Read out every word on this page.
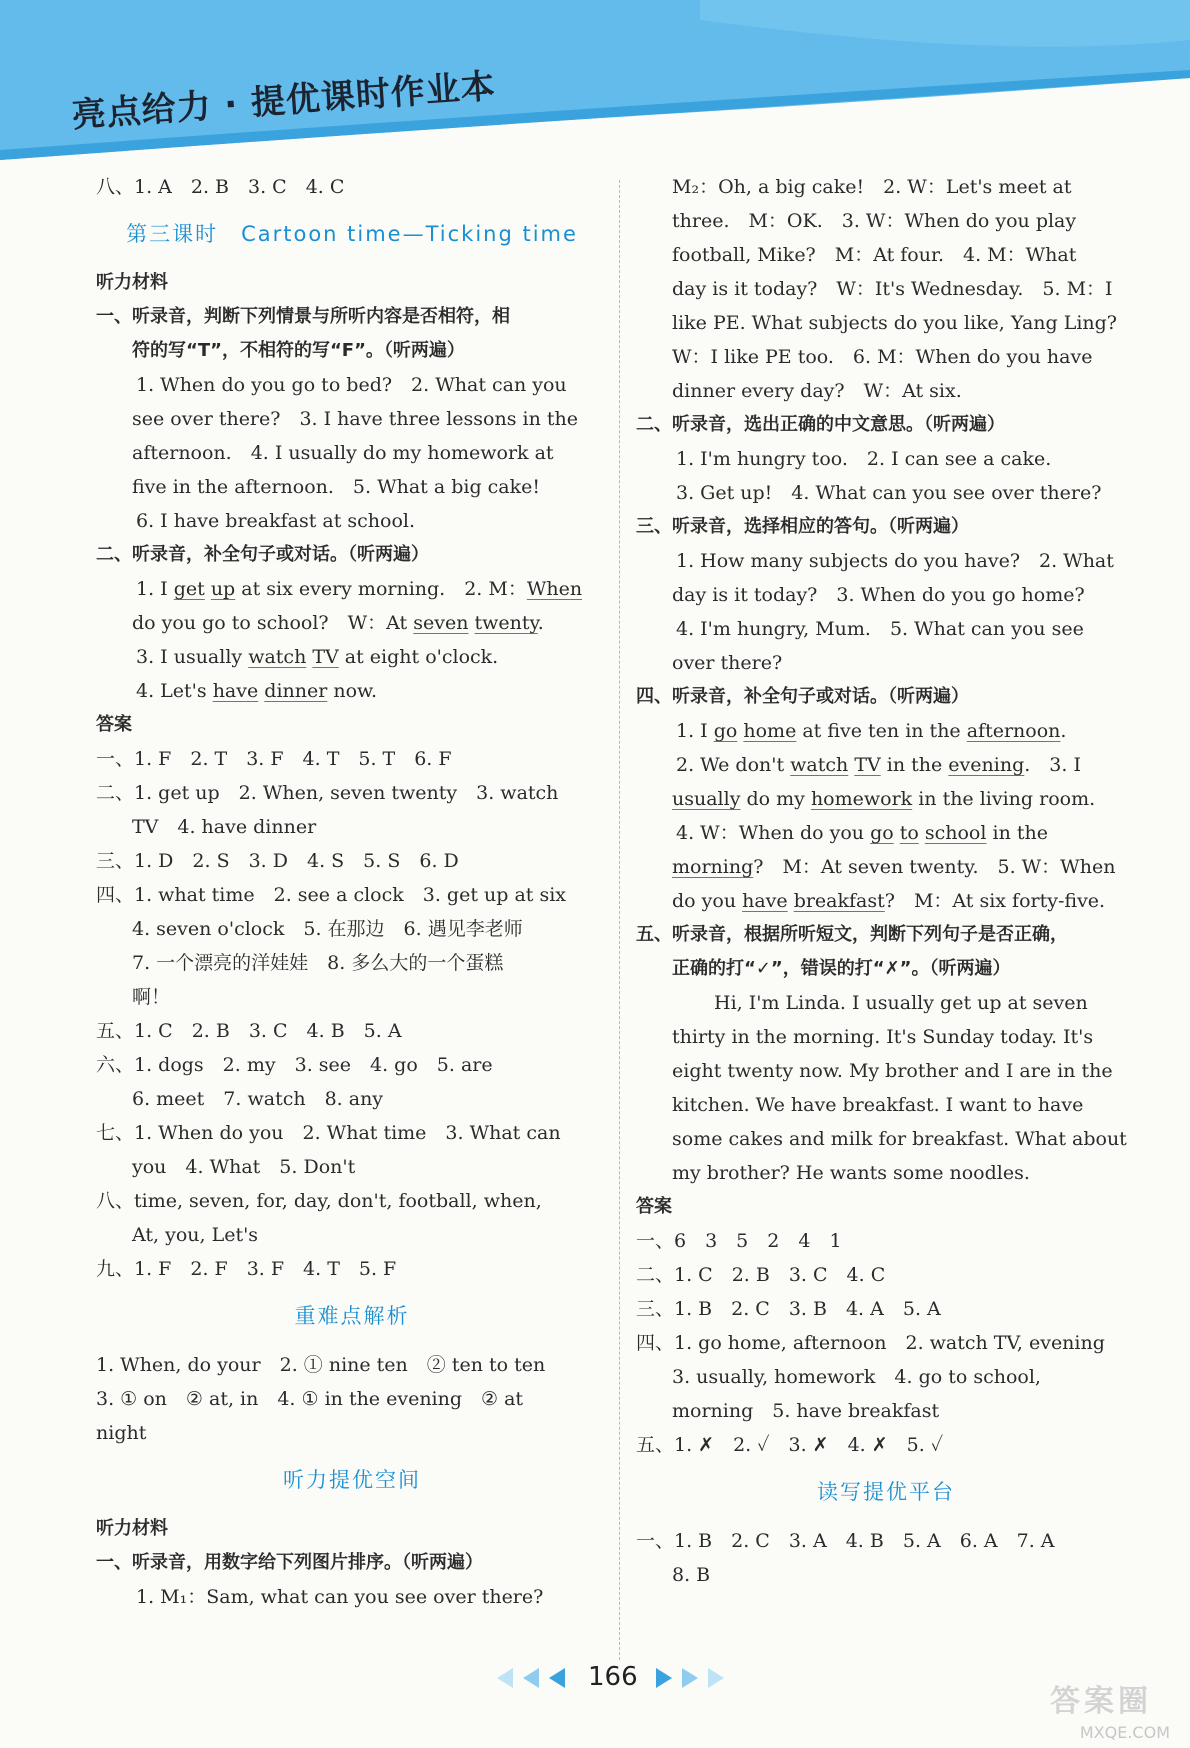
亮点给力 · 提优课时作业本
八、1. A　2. B　3. C　4. C
第三课时　Cartoon time—Ticking time
听力材料
一、听录音，判断下列情景与所听内容是否相符，相
符的写“T”，不相符的写“F”。（听两遍）
1. When do you go to bed?　2. What can you
see over there?　3. I have three lessons in the
afternoon.　4. I usually do my homework at
five in the afternoon.　5. What a big cake!
6. I have breakfast at school.
二、听录音，补全句子或对话。（听两遍）
1. I get up at six every morning.　2. M：When
do you go to school?　W：At seven twenty.
3. I usually watch TV at eight o'clock.
4. Let's have dinner now.
答案
一、1. F　2. T　3. F　4. T　5. T　6. F
二、1. get up　2. When, seven twenty　3. watch
TV　4. have dinner
三、1. D　2. S　3. D　4. S　5. S　6. D
四、1. what time　2. see a clock　3. get up at six
4. seven o'clock　5. 在那边　6. 遇见李老师
7. 一个漂亮的洋娃娃　8. 多么大的一个蛋糕
啊！
五、1. C　2. B　3. C　4. B　5. A
六、1. dogs　2. my　3. see　4. go　5. are
6. meet　7. watch　8. any
七、1. When do you　2. What time　3. What can
you　4. What　5. Don't
八、time, seven, for, day, don't, football, when,
At, you, Let's
九、1. F　2. F　3. F　4. T　5. F
重难点解析
1. When, do your　2. ① nine ten　② ten to ten
3. ① on　② at, in　4. ① in the evening　② at
night
听力提优空间
听力材料
一、听录音，用数字给下列图片排序。（听两遍）
1. M₁：Sam, what can you see over there?
M₂：Oh, a big cake!　2. W：Let's meet at
three.　M：OK.　3. W：When do you play
football, Mike?　M：At four.　4. M：What
day is it today?　W：It's Wednesday.　5. M：I
like PE. What subjects do you like, Yang Ling?
W：I like PE too.　6. M：When do you have
dinner every day?　W：At six.
二、听录音，选出正确的中文意思。（听两遍）
1. I'm hungry too.　2. I can see a cake.
3. Get up!　4. What can you see over there?
三、听录音，选择相应的答句。（听两遍）
1. How many subjects do you have?　2. What
day is it today?　3. When do you go home?
4. I'm hungry, Mum.　5. What can you see
over there?
四、听录音，补全句子或对话。（听两遍）
1. I go home at five ten in the afternoon.
2. We don't watch TV in the evening.　3. I
usually do my homework in the living room.
4. W：When do you go to school in the
morning?　M：At seven twenty.　5. W：When
do you have breakfast?　M：At six forty-five.
五、听录音，根据所听短文，判断下列句子是否正确，
正确的打“✓”，错误的打“✗”。（听两遍）
Hi, I'm Linda. I usually get up at seven
thirty in the morning. It's Sunday today. It's
eight twenty now. My brother and I are in the
kitchen. We have breakfast. I want to have
some cakes and milk for breakfast. What about
my brother? He wants some noodles.
答案
一、6　3　5　2　4　1
二、1. C　2. B　3. C　4. C
三、1. B　2. C　3. B　4. A　5. A
四、1. go home, afternoon　2. watch TV, evening
3. usually, homework　4. go to school,
morning　5. have breakfast
五、1. ✗　2. ✓　3. ✗　4. ✗　5. ✓
读写提优平台
一、1. B　2. C　3. A　4. B　5. A　6. A　7. A
8. B
166
答案圈
MXQE.COM
